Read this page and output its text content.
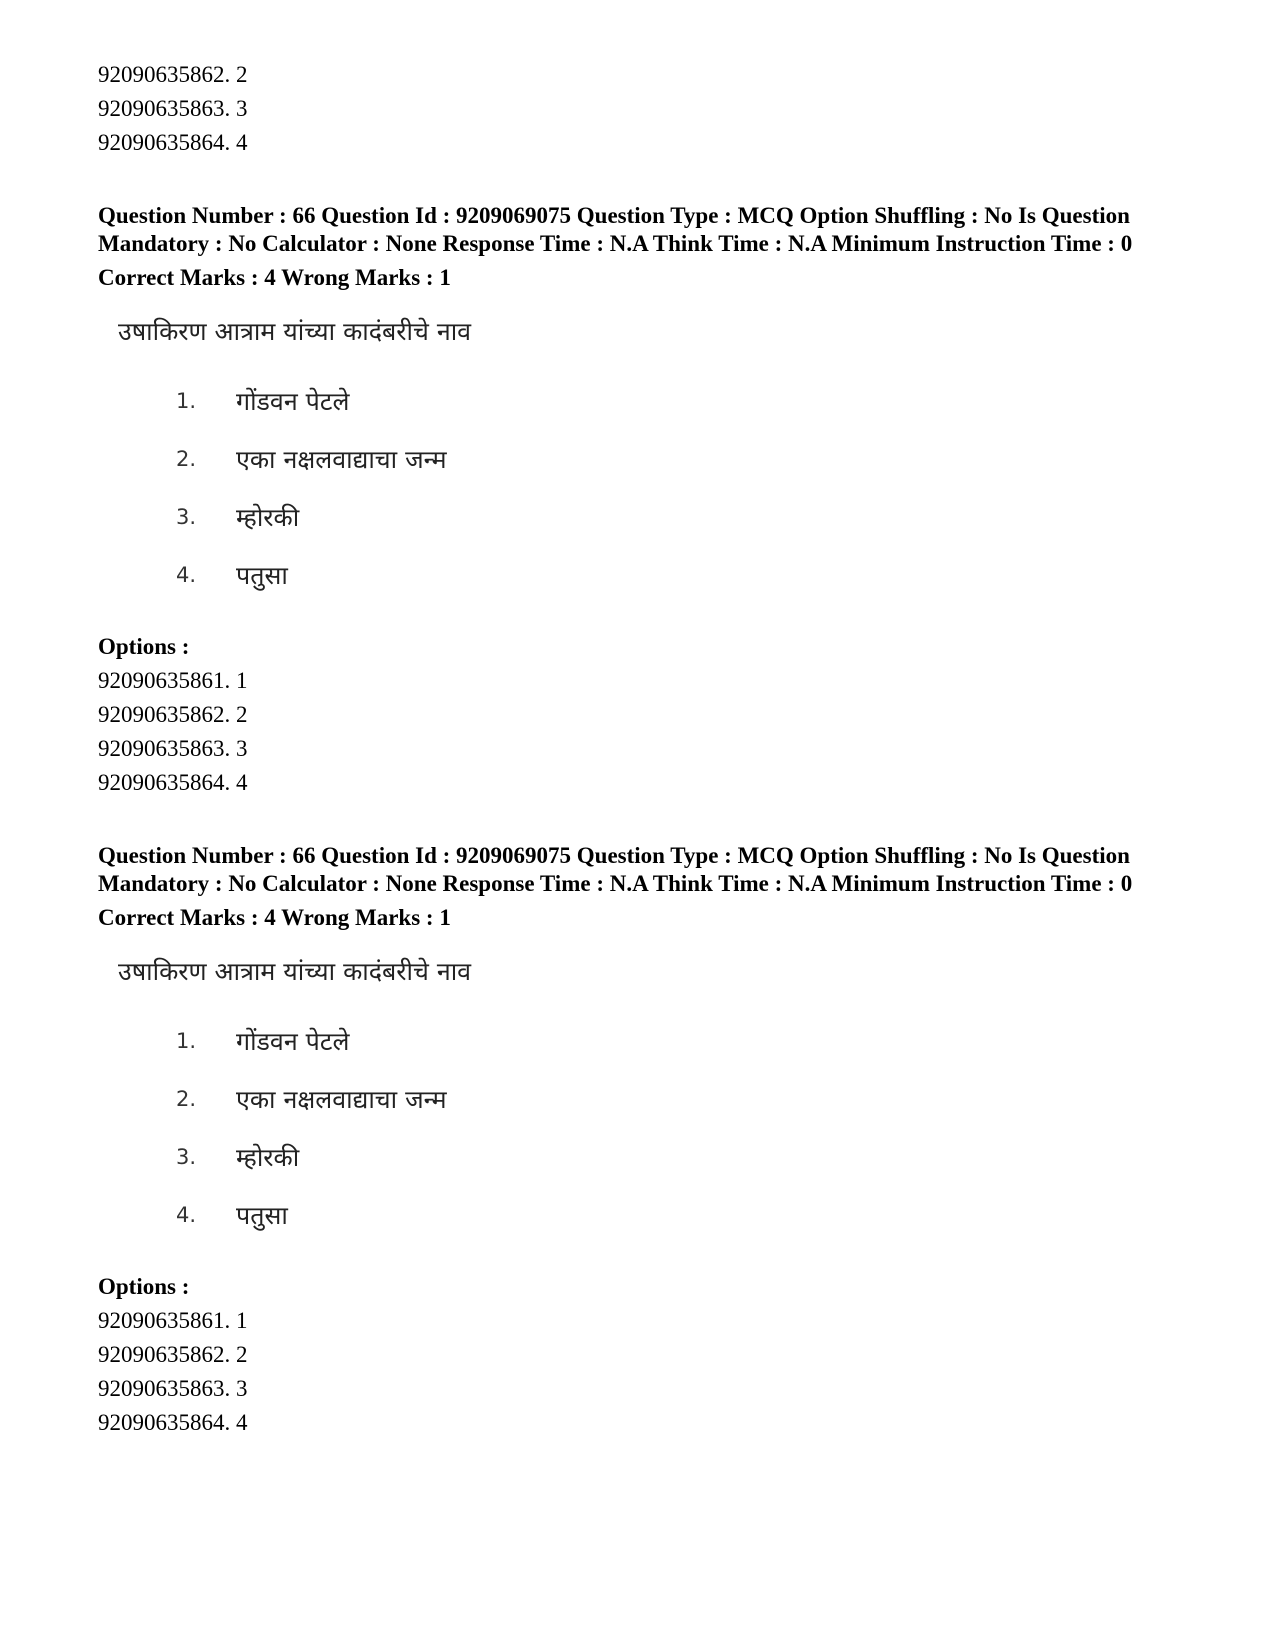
92090635862. 2
92090635863. 3
92090635864. 4
Question Number : 66 Question Id : 9209069075 Question Type : MCQ Option Shuffling : No Is Question Mandatory : No Calculator : None Response Time : N.A Think Time : N.A Minimum Instruction Time : 0
Correct Marks : 4 Wrong Marks : 1
उषाकिरण आत्राम यांच्या कादंबरीचे नाव
1.	गोंडवन पेटले
2.	एका नक्षलवाद्याचा जन्म
3.	म्होरकी
4.	पतुसा
Options :
92090635861. 1
92090635862. 2
92090635863. 3
92090635864. 4
Question Number : 66 Question Id : 9209069075 Question Type : MCQ Option Shuffling : No Is Question Mandatory : No Calculator : None Response Time : N.A Think Time : N.A Minimum Instruction Time : 0
Correct Marks : 4 Wrong Marks : 1
उषाकिरण आत्राम यांच्या कादंबरीचे नाव
1.	गोंडवन पेटले
2.	एका नक्षलवाद्याचा जन्म
3.	म्होरकी
4.	पतुसा
Options :
92090635861. 1
92090635862. 2
92090635863. 3
92090635864. 4
